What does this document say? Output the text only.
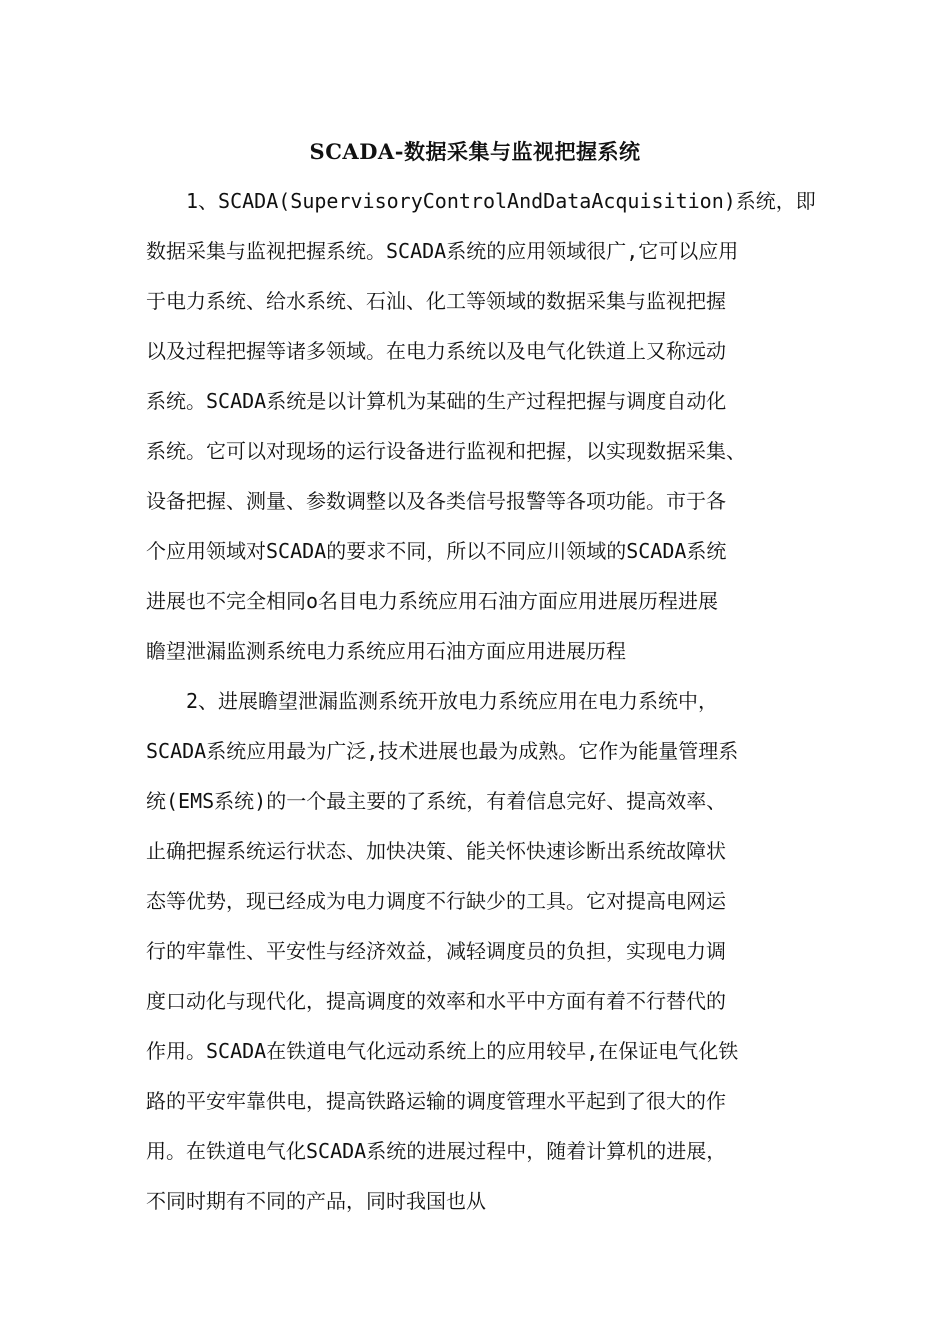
SCADA-数据采集与监视把握系统

1、SCADA(SupervisoryControlAndDataAcquisition)系统，即

数据采集与监视把握系统。SCADA系统的应用领域很广,它可以应用

于电力系统、给水系统、石汕、化工等领域的数据采集与监视把握

以及过程把握等诸多领域。在电力系统以及电气化铁道上又称远动

系统。SCADA系统是以计算机为某础的生产过程把握与调度自动化

系统。它可以对现场的运行设备进行监视和把握，以实现数据采集、

设备把握、测量、参数调整以及各类信号报警等各项功能。市于各

个应用领域对SCADA的要求不同，所以不同应川领域的SCADA系统

进展也不完全相同o名目电力系统应用石油方面应用进展历程进展

瞻望泄漏监测系统电力系统应用石油方面应用进展历程

2、进展瞻望泄漏监测系统开放电力系统应用在电力系统中，

SCADA系统应用最为广泛,技术进展也最为成熟。它作为能量管理系

统(EMS系统)的一个最主要的了系统，有着信息完好、提高效率、

止确把握系统运行状态、加快决策、能关怀快速诊断出系统故障状

态等优势，现已经成为电力调度不行缺少的工具。它对提高电网运

行的牢靠性、平安性与经济效益，减轻调度员的负担，实现电力调

度口动化与现代化，提高调度的效率和水平中方面有着不行替代的

作用。SCADA在铁道电气化远动系统上的应用较早,在保证电气化铁

路的平安牢靠供电，提高铁路运输的调度管理水平起到了很大的作

用。在铁道电气化SCADA系统的进展过程中，随着计算机的进展，

不同时期有不同的产品，同时我国也从
